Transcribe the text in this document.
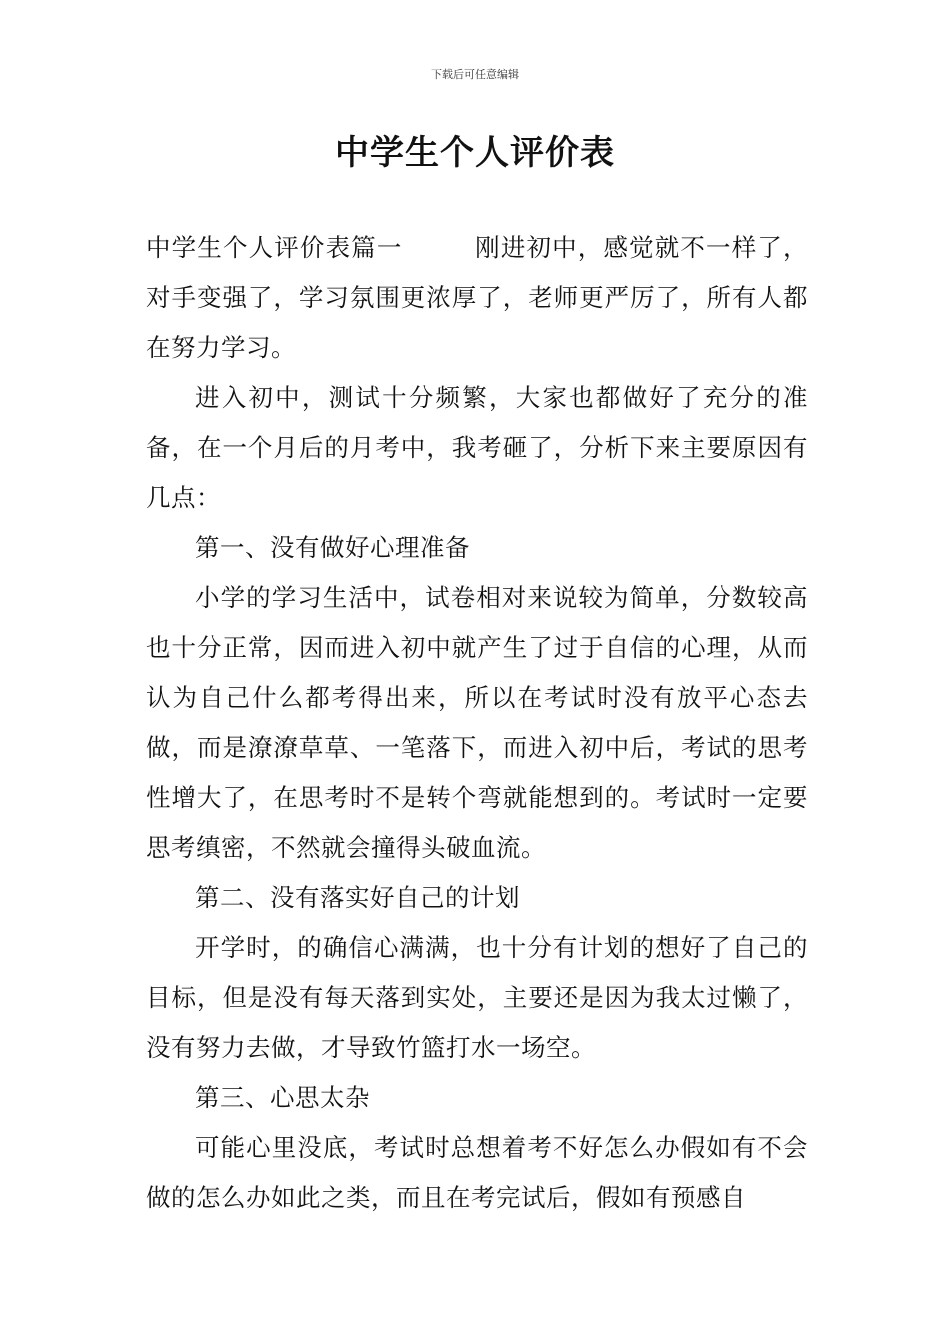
下载后可任意编辑
中学生个人评价表

中学生个人评价表篇一	刚进初中，感觉就不一样了，对手变强了，学习氛围更浓厚了，老师更严厉了，所有人都在努力学习。

进入初中，测试十分频繁，大家也都做好了充分的准备，在一个月后的月考中，我考砸了，分析下来主要原因有几点：

第一、没有做好心理准备

小学的学习生活中，试卷相对来说较为简单，分数较高也十分正常，因而进入初中就产生了过于自信的心理，从而认为自己什么都考得出来，所以在考试时没有放平心态去做，而是潦潦草草、一笔落下，而进入初中后，考试的思考性增大了，在思考时不是转个弯就能想到的。考试时一定要思考缜密，不然就会撞得头破血流。

第二、没有落实好自己的计划

开学时，的确信心满满，也十分有计划的想好了自己的目标，但是没有每天落到实处，主要还是因为我太过懒了，没有努力去做，才导致竹篮打水一场空。

第三、心思太杂

可能心里没底，考试时总想着考不好怎么办假如有不会做的怎么办如此之类，而且在考完试后，假如有预感自
